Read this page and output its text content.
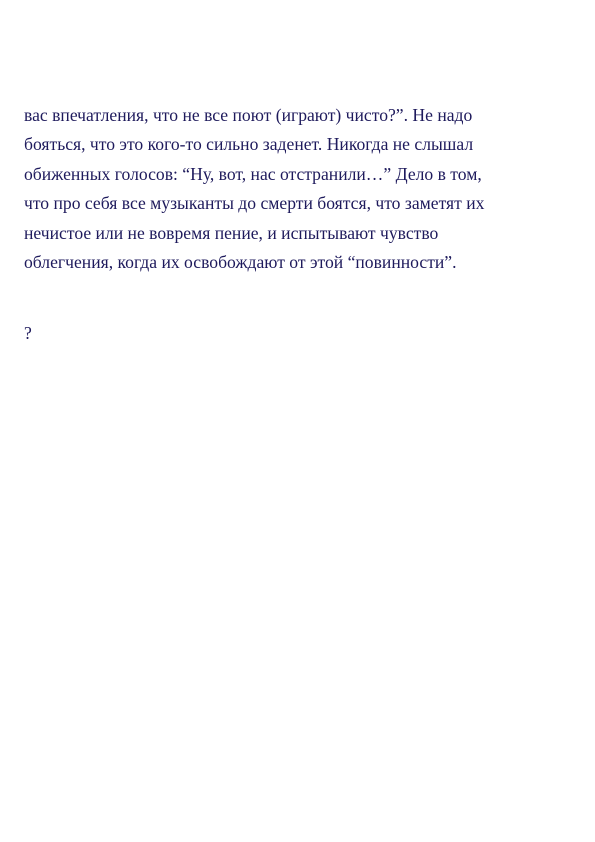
вас впечатления, что не все поют (играют) чисто?”. Не надо
бояться, что это кого-то сильно заденет. Никогда не слышал
обиженных голосов: “Ну, вот, нас отстранили…” Дело в том,
что про себя все музыканты до смерти боятся, что заметят их
нечистое или не вовремя пение, и испытывают чувство
облегчения, когда их освобождают от этой “повинности”.

?
